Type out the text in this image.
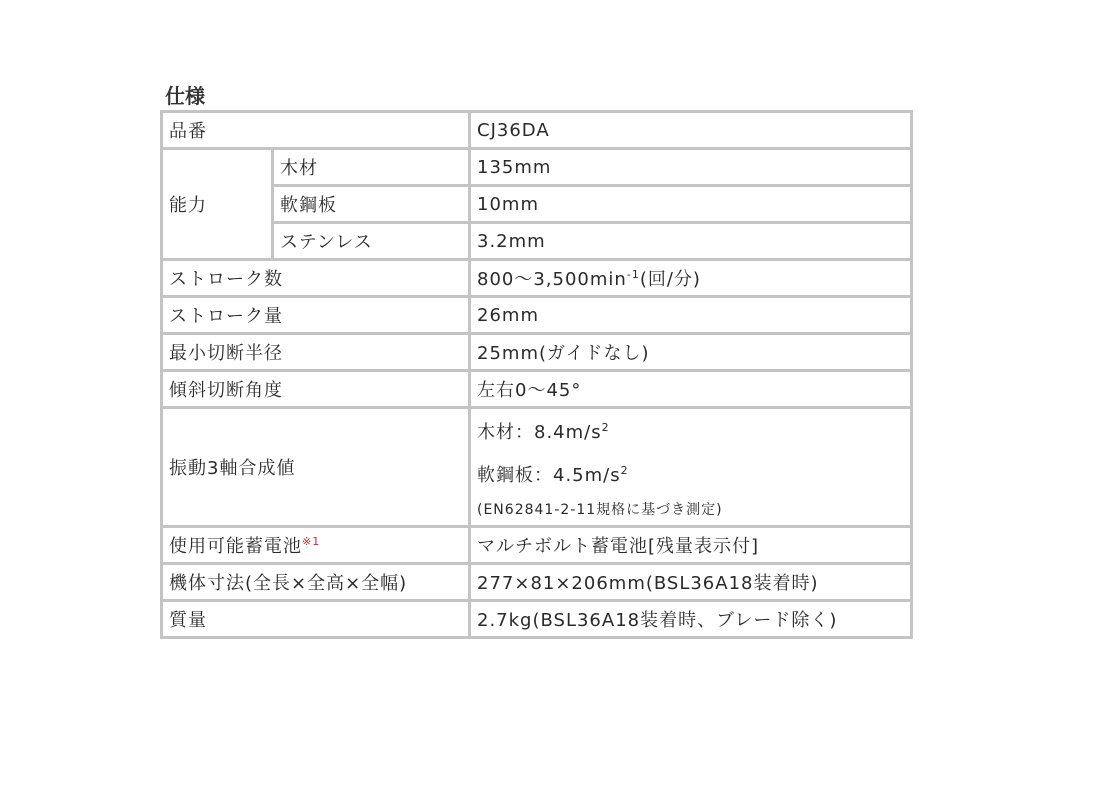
仕様
品番		CJ36DA
能力	木材	135mm
	軟鋼板	10mm
	ステンレス	3.2mm
ストローク数		800〜$3,500\min^{-1}$(回/分)
ストローク量		26mm
最小切断半径		25mm(ガイドなし)
傾斜切断角度		左右0〜45°
振動3軸合成値		木材：$8.4m/s^2$
軟鋼板：$4.5m/s^2$
(EN62841-2-11規格に基づき測定)

使用可能蓄電池$^{※1}$		マルチボルト蓄電池[残量表示付]
機体寸法(全長×全高×全幅)		277×81×206mm(BSL36A18装着時)
質量		2.7kg(BSL36A18装着時、ブレード除く)
